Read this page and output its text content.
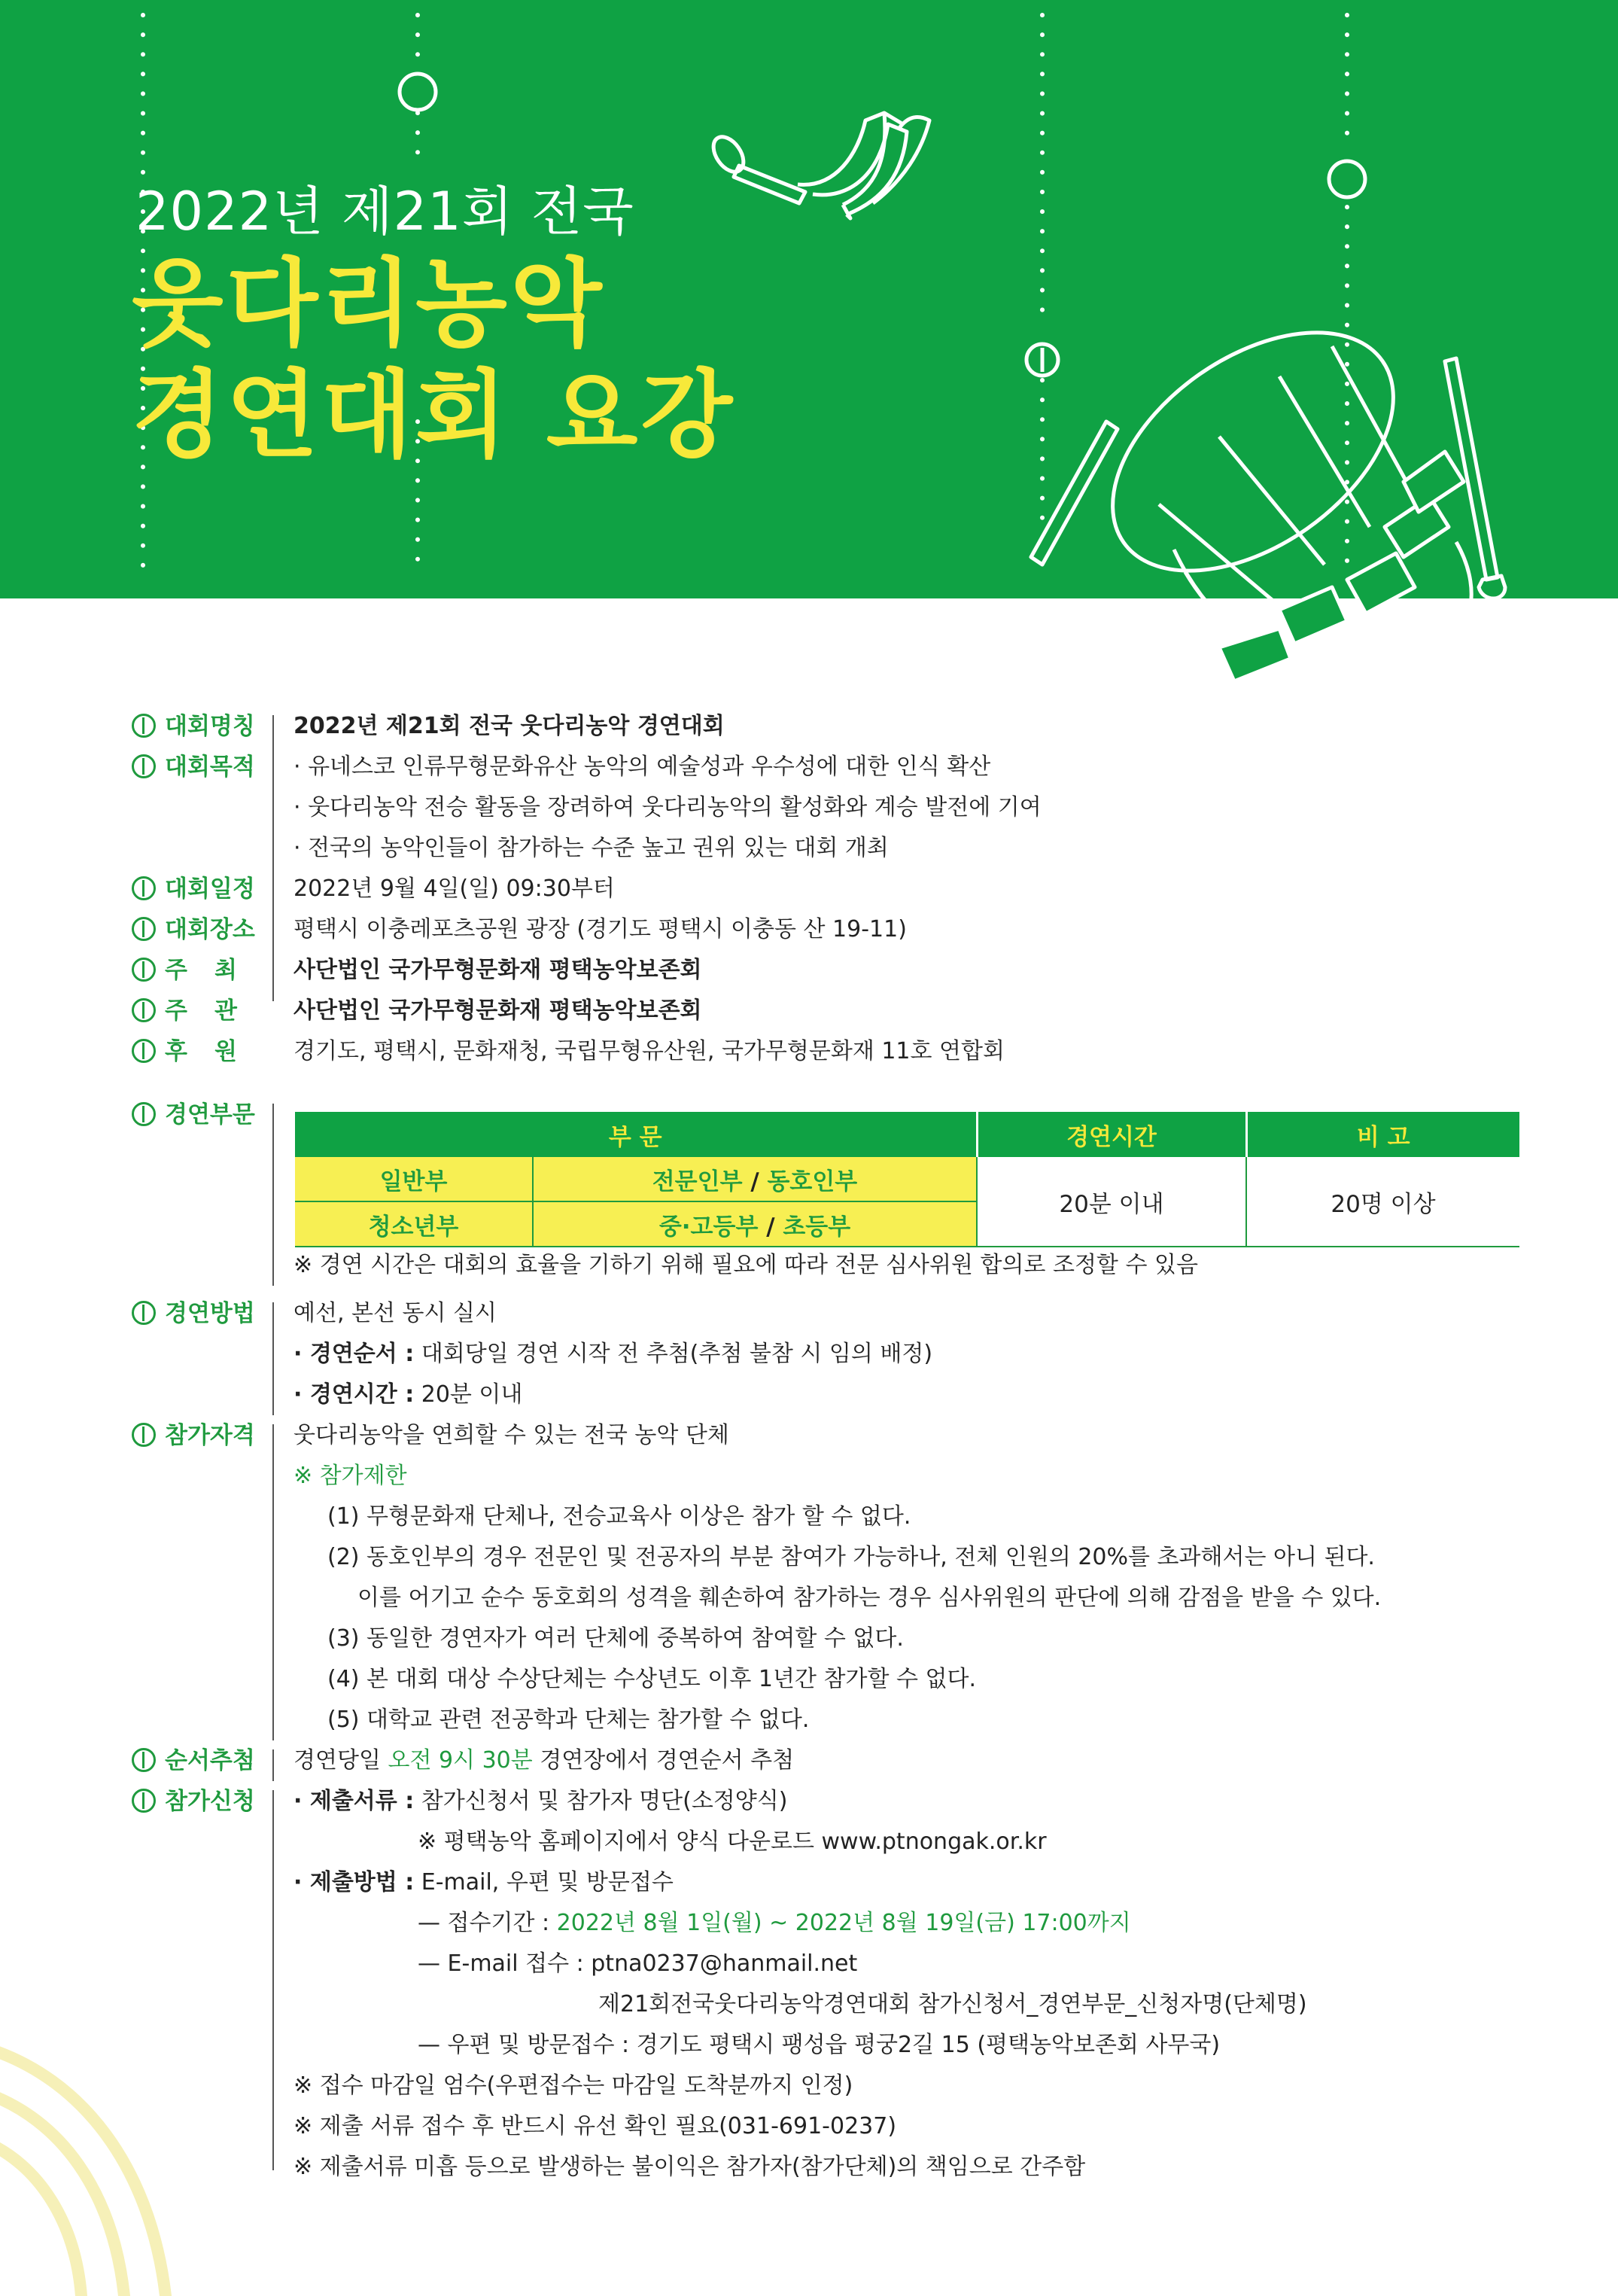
2022년 제21회 전국
웃다리농악
경연대회 요강
대회명칭	2022년 제21회 전국 웃다리농악 경연대회
대회목적	· 유네스코 인류무형문화유산 농악의 예술성과 우수성에 대한 인식 확산
· 웃다리농악 전승 활동을 장려하여 웃다리농악의 활성화와 계승 발전에 기여
· 전국의 농악인들이 참가하는 수준 높고 권위 있는 대회 개최
대회일정	2022년 9월 4일(일) 09:30부터
대회장소	평택시 이충레포츠공원 광장 (경기도 평택시 이충동 산 19-11)
주최	사단법인 국가무형문화재 평택농악보존회
주관	사단법인 국가무형문화재 평택농악보존회
후원	경기도, 평택시, 문화재청, 국립무형유산원, 국가무형문화재 11호 연합회
경연부문
※ 경연 시간은 대회의 효율을 기하기 위해 필요에 따라 전문 심사위원 합의로 조정할 수 있음
경연방법	예선, 본선 동시 실시
· 경연순서 : 대회당일 경연 시작 전 추첨(추첨 불참 시 임의 배정)
· 경연시간 : 20분 이내
참가자격	웃다리농악을 연희할 수 있는 전국 농악 단체
※ 참가제한
(1) 무형문화재 단체나, 전승교육사 이상은 참가 할 수 없다.
(2) 동호인부의 경우 전문인 및 전공자의 부분 참여가 가능하나, 전체 인원의 20%를 초과해서는 아니 된다.
이를 어기고 순수 동호회의 성격을 훼손하여 참가하는 경우 심사위원의 판단에 의해 감점을 받을 수 있다.
(3) 동일한 경연자가 여러 단체에 중복하여 참여할 수 없다.
(4) 본 대회 대상 수상단체는 수상년도 이후 1년간 참가할 수 없다.
(5) 대학교 관련 전공학과 단체는 참가할 수 없다.
순서추첨	경연당일 오전 9시 30분 경연장에서 경연순서 추첨
참가신청	· 제출서류 : 참가신청서 및 참가자 명단(소정양식)
※ 평택농악 홈페이지에서 양식 다운로드 www.ptnongak.or.kr
· 제출방법 : E-mail, 우편 및 방문접수
— 접수기간 : 2022년 8월 1일(월) ~ 2022년 8월 19일(금) 17:00까지
— E-mail 접수 : ptna0237@hanmail.net
제21회전국웃다리농악경연대회 참가신청서_경연부문_신청자명(단체명)
— 우편 및 방문접수 : 경기도 평택시 팽성읍 평궁2길 15 (평택농악보존회 사무국)
※ 접수 마감일 엄수(우편접수는 마감일 도착분까지 인정)
※ 제출 서류 접수 후 반드시 유선 확인 필요(031-691-0237)
※ 제출서류 미흡 등으로 발생하는 불이익은 참가자(참가단체)의 책임으로 간주함
부 문		경연시간	비 고
일반부	전문인부 / 동호인부	20분 이내	20명 이상
청소년부	중·고등부 / 초등부		
